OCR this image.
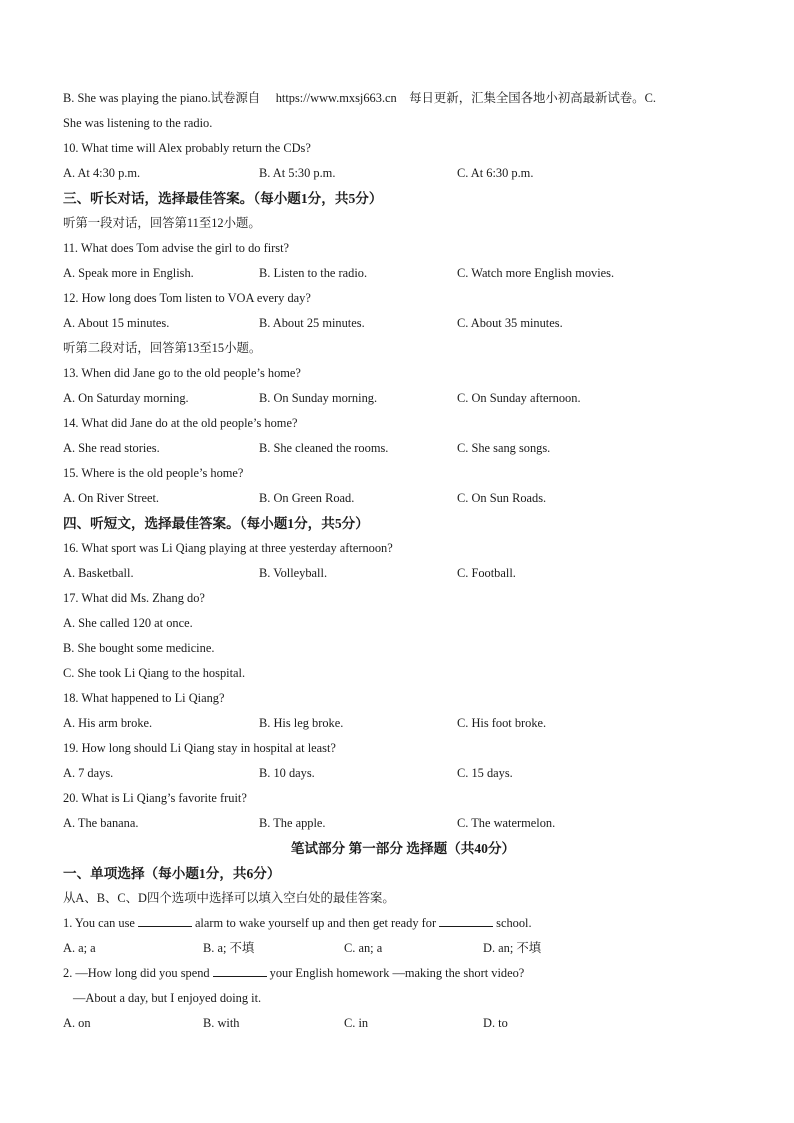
B. She was playing the piano.试卷源自 https://www.mxsj663.cn 每日更新，汇集全国各地小初高最新试卷。C.
She was listening to the radio.
10. What time will Alex probably return the CDs?
A. At 4:30 p.m.	B. At 5:30 p.m.	C. At 6:30 p.m.
三、听长对话，选择最佳答案。（每小题1分，共5分）
听第一段对话，回答第11至12小题。
11. What does Tom advise the girl to do first?
A. Speak more in English.	B. Listen to the radio.	C. Watch more English movies.
12. How long does Tom listen to VOA every day?
A. About 15 minutes.	B. About 25 minutes.	C. About 35 minutes.
听第二段对话，回答第13至15小题。
13. When did Jane go to the old people’s home?
A. On Saturday morning.	B. On Sunday morning.	C. On Sunday afternoon.
14. What did Jane do at the old people’s home?
A. She read stories.	B. She cleaned the rooms.	C. She sang songs.
15. Where is the old people’s home?
A. On River Street.	B. On Green Road.	C. On Sun Roads.
四、听短文，选择最佳答案。（每小题1分，共5分）
16. What sport was Li Qiang playing at three yesterday afternoon?
A. Basketball.	B. Volleyball.	C. Football.
17. What did Ms. Zhang do?
A. She called 120 at once.
B. She bought some medicine.
C. She took Li Qiang to the hospital.
18. What happened to Li Qiang?
A. His arm broke.	B. His leg broke.	C. His foot broke.
19. How long should Li Qiang stay in hospital at least?
A. 7 days.	B. 10 days.	C. 15 days.
20. What is Li Qiang’s favorite fruit?
A. The banana.	B. The apple.	C. The watermelon.
笔试部分 第一部分 选择题（共40分）
一、单项选择（每小题1分，共6分）
从A、B、C、D四个选项中选择可以填入空白处的最佳答案。
1. You can use	alarm to wake yourself up and then get ready for	school.
A. a; a	B. a; 不填	C. an; a	D. an; 不填
2. —How long did you spend	your English homework —making the short video?
—About a day, but I enjoyed doing it.
A. on	B. with	C. in	D. to
